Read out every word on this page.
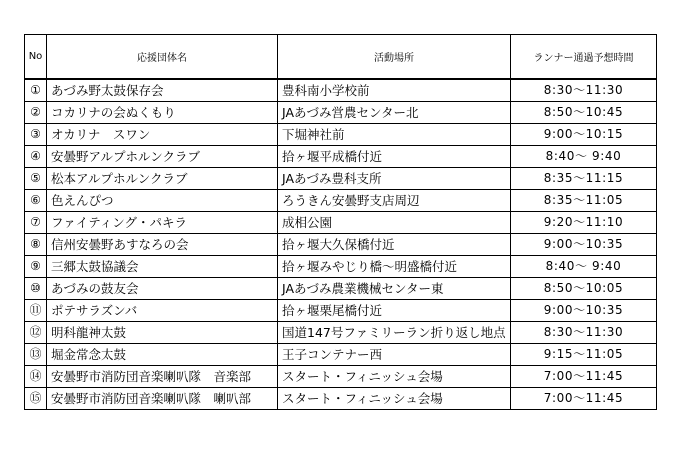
No	応援団体名	活動場所	ランナー通過予想時間
①	あづみ野太鼓保存会	豊科南小学校前	8:30～11:30
②	コカリナの会ぬくもり	JAあづみ営農センター北	8:50～10:45
③	オカリナ　スワン	下堀神社前	9:00～10:15
④	安曇野アルプホルンクラブ	拾ヶ堰平成橋付近	8:40～ 9:40
⑤	松本アルプホルンクラブ	JAあづみ豊科支所	8:35～11:15
⑥	色えんぴつ	ろうきん安曇野支店周辺	8:35～11:05
⑦	ファイティング・パキラ	成相公園	9:20～11:10
⑧	信州安曇野あすなろの会	拾ヶ堰大久保橋付近	9:00～10:35
⑨	三郷太鼓協議会	拾ヶ堰みやじり橋～明盛橋付近	8:40～ 9:40
⑩	あづみの鼓友会	JAあづみ農業機械センター東	8:50～10:05
⑪	ポテサラズンバ	拾ヶ堰栗尾橋付近	9:00～10:35
⑫	明科龍神太鼓	国道147号ファミリーラン折り返し地点	8:30～11:30
⑬	堀金常念太鼓	王子コンテナー西	9:15～11:05
⑭	安曇野市消防団音楽喇叭隊　音楽部	スタート・フィニッシュ会場	7:00～11:45
⑮	安曇野市消防団音楽喇叭隊　喇叭部	スタート・フィニッシュ会場	7:00～11:45
